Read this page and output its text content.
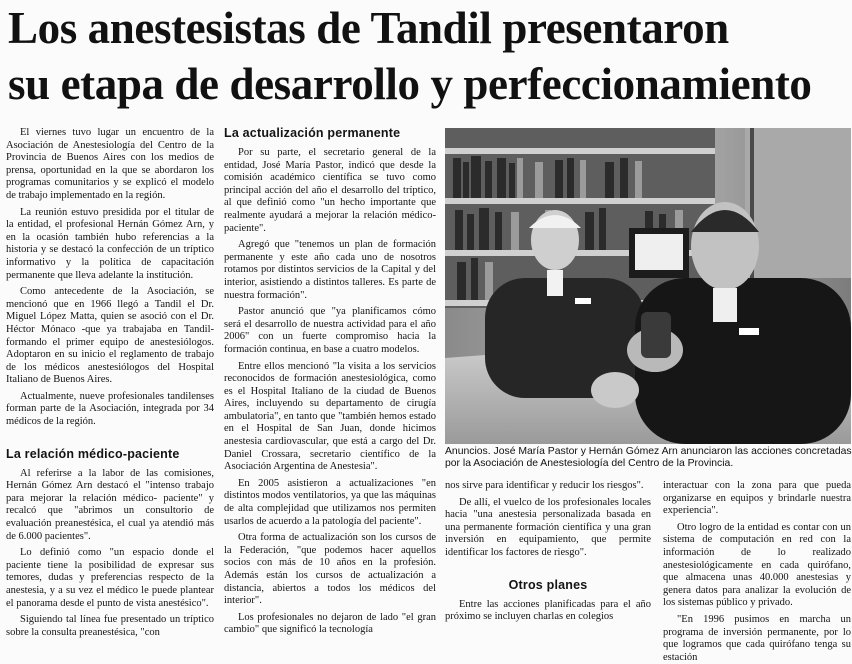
Los anestesistas de Tandil presentaron
su etapa de desarrollo y perfeccionamiento

El viernes tuvo lugar un encuentro de la Asociación de Anestesiología del Centro de la Provincia de Buenos Aires con los medios de prensa, oportunidad en la que se abordaron los programas comunitarios y se explicó el modelo de trabajo implementado en la región.

La reunión estuvo presidida por el titular de la entidad, el profesional Hernán Gómez Arn, y en la ocasión también hubo referencias a la historia y se destacó la confección de un tríptico informativo y la política de capacitación permanente que lleva adelante la institución.

Como antecedente de la Asociación, se mencionó que en 1966 llegó a Tandil el Dr. Miguel López Matta, quien se asoció con el Dr. Héctor Mónaco -que ya trabajaba en Tandil- formando el primer equipo de anestesiólogos. Adoptaron en su inicio el reglamento de trabajo de los médicos anestesiólogos del Hospital Italiano de Buenos Aires.

Actualmente, nueve profesionales tandilenses forman parte de la Asociación, integrada por 34 médicos de la región.

La relación médico-paciente

Al referirse a la labor de las comisiones, Hernán Gómez Arn destacó el "intenso trabajo para mejorar la relación médico- paciente" y recalcó que "abrimos un consultorio de evaluación preanestésica, el cual ya atendió más de 6.000 pacientes".

Lo definió como "un espacio donde el paciente tiene la posibilidad de expresar sus temores, dudas y preferencias respecto de la anestesia, y a su vez el médico le puede plantear el panorama desde el punto de vista anestésico".

Siguiendo tal línea fue presentado un tríptico sobre la consulta preanestésica, "con

La actualización permanente

Por su parte, el secretario general de la entidad, José María Pastor, indicó que desde la comisión académico científica se tuvo como principal acción del año el desarrollo del tríptico, al que definió como "un hecho importante que realmente ayudará a mejorar la relación médico-paciente".

Agregó que "tenemos un plan de formación permanente y este año cada uno de nosotros rotamos por distintos servicios de la Capital y del interior, asistiendo a distintos talleres. Es parte de nuestra formación".

Pastor anunció que "ya planificamos cómo será el desarrollo de nuestra actividad para el año 2006" con un fuerte compromiso hacia la formación continua, en base a cuatro modelos.

Entre ellos mencionó "la visita a los servicios reconocidos de formación anestesiológica, como es el Hospital Italiano de la ciudad de Buenos Aires, incluyendo su departamento de cirugía ambulatoria", en tanto que "también hemos estado en el Hospital de San Juan, donde hicimos anestesia cardiovascular, que está a cargo del Dr. Daniel Crossara, secretario científico de la Asociación Argentina de Anestesia".

En 2005 asistieron a actualizaciones "en distintos modos ventilatorios, ya que las máquinas de alta complejidad que utilizamos nos permiten usarlos de acuerdo a la patología del paciente".

Otra forma de actualización son los cursos de la Federación, "que podemos hacer aquellos socios con más de 10 años en la profesión. Además están los cursos de actualización a distancia, abiertos a todos los médicos del interior".

Los profesionales no dejaron de lado "el gran cambio" que significó la tecnología

Anuncios. José María Pastor y Hernán Gómez Arn anunciaron las acciones concretadas
por la Asociación de Anestesiología del Centro de la Provincia.

nos sirve para identificar y reducir los riesgos".

De allí, el vuelco de los profesionales locales hacia "una anestesia personalizada basada en una permanente formación científica y una gran inversión en equipamiento, que permite identificar los factores de riesgo".

Otros planes

Entre las acciones planificadas para el año próximo se incluyen charlas en colegios

interactuar con la zona para que pueda organizarse en equipos y brindarle nuestra experiencia".

Otro logro de la entidad es contar con un sistema de computación en red con la información de lo realizado anestesiológicamente en cada quirófano, que almacena unas 40.000 anestesias y genera datos para analizar la evolución de los sistemas público y privado.

"En 1996 pusimos en marcha un programa de inversión permanente, por lo que logramos que cada quirófano tenga su estación
